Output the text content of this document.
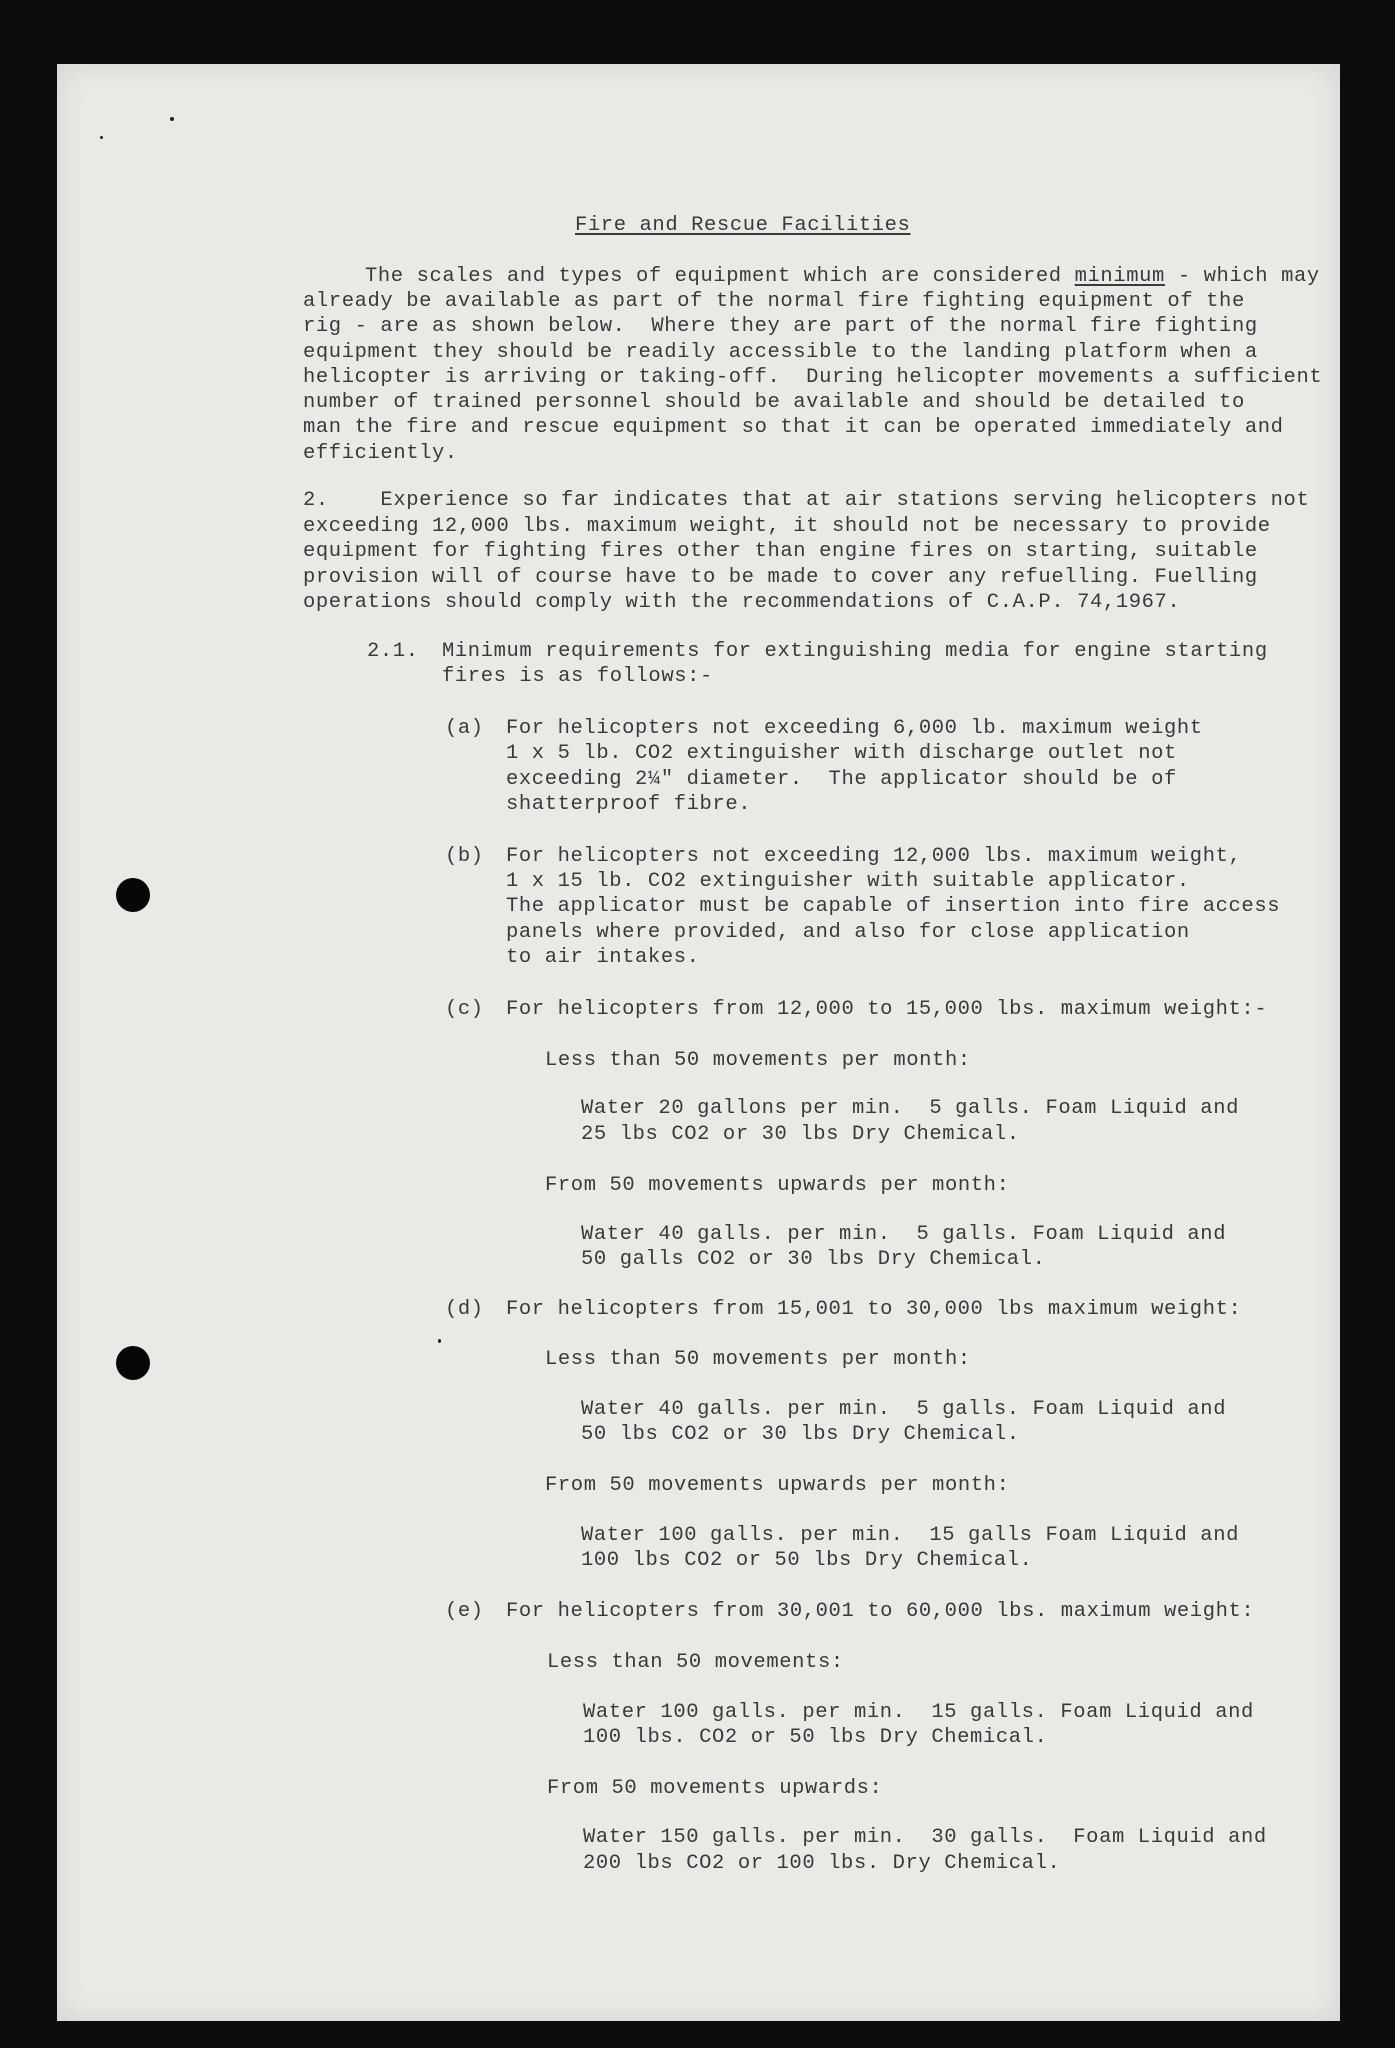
Fire and Rescue Facilities
The scales and types of equipment which are considered minimum - which may
already be available as part of the normal fire fighting equipment of the
rig - are as shown below.  Where they are part of the normal fire fighting
equipment they should be readily accessible to the landing platform when a
helicopter is arriving or taking-off.  During helicopter movements a sufficient
number of trained personnel should be available and should be detailed to
man the fire and rescue equipment so that it can be operated immediately and
efficiently.
2.    Experience so far indicates that at air stations serving helicopters not
exceeding 12,000 lbs. maximum weight, it should not be necessary to provide
equipment for fighting fires other than engine fires on starting, suitable
provision will of course have to be made to cover any refuelling. Fuelling
operations should comply with the recommendations of C.A.P. 74,1967.
2.1. Minimum requirements for extinguishing media for engine starting
fires is as follows:-
(a) For helicopters not exceeding 6,000 lb. maximum weight
1 x 5 lb. CO2 extinguisher with discharge outlet not
exceeding 2¼" diameter.  The applicator should be of
shatterproof fibre.
(b) For helicopters not exceeding 12,000 lbs. maximum weight,
1 x 15 lb. CO2 extinguisher with suitable applicator.
The applicator must be capable of insertion into fire access
panels where provided, and also for close application
to air intakes.
(c) For helicopters from 12,000 to 15,000 lbs. maximum weight:-
Less than 50 movements per month:
Water 20 gallons per min.  5 galls. Foam Liquid and
25 lbs CO2 or 30 lbs Dry Chemical.
From 50 movements upwards per month:
Water 40 galls. per min.  5 galls. Foam Liquid and
50 galls CO2 or 30 lbs Dry Chemical.
(d) For helicopters from 15,001 to 30,000 lbs maximum weight:
Less than 50 movements per month:
Water 40 galls. per min.  5 galls. Foam Liquid and
50 lbs CO2 or 30 lbs Dry Chemical.
From 50 movements upwards per month:
Water 100 galls. per min.  15 galls Foam Liquid and
100 lbs CO2 or 50 lbs Dry Chemical.
(e) For helicopters from 30,001 to 60,000 lbs. maximum weight:
Less than 50 movements:
Water 100 galls. per min.  15 galls. Foam Liquid and
100 lbs. CO2 or 50 lbs Dry Chemical.
From 50 movements upwards:
Water 150 galls. per min.  30 galls.  Foam Liquid and
200 lbs CO2 or 100 lbs. Dry Chemical.
